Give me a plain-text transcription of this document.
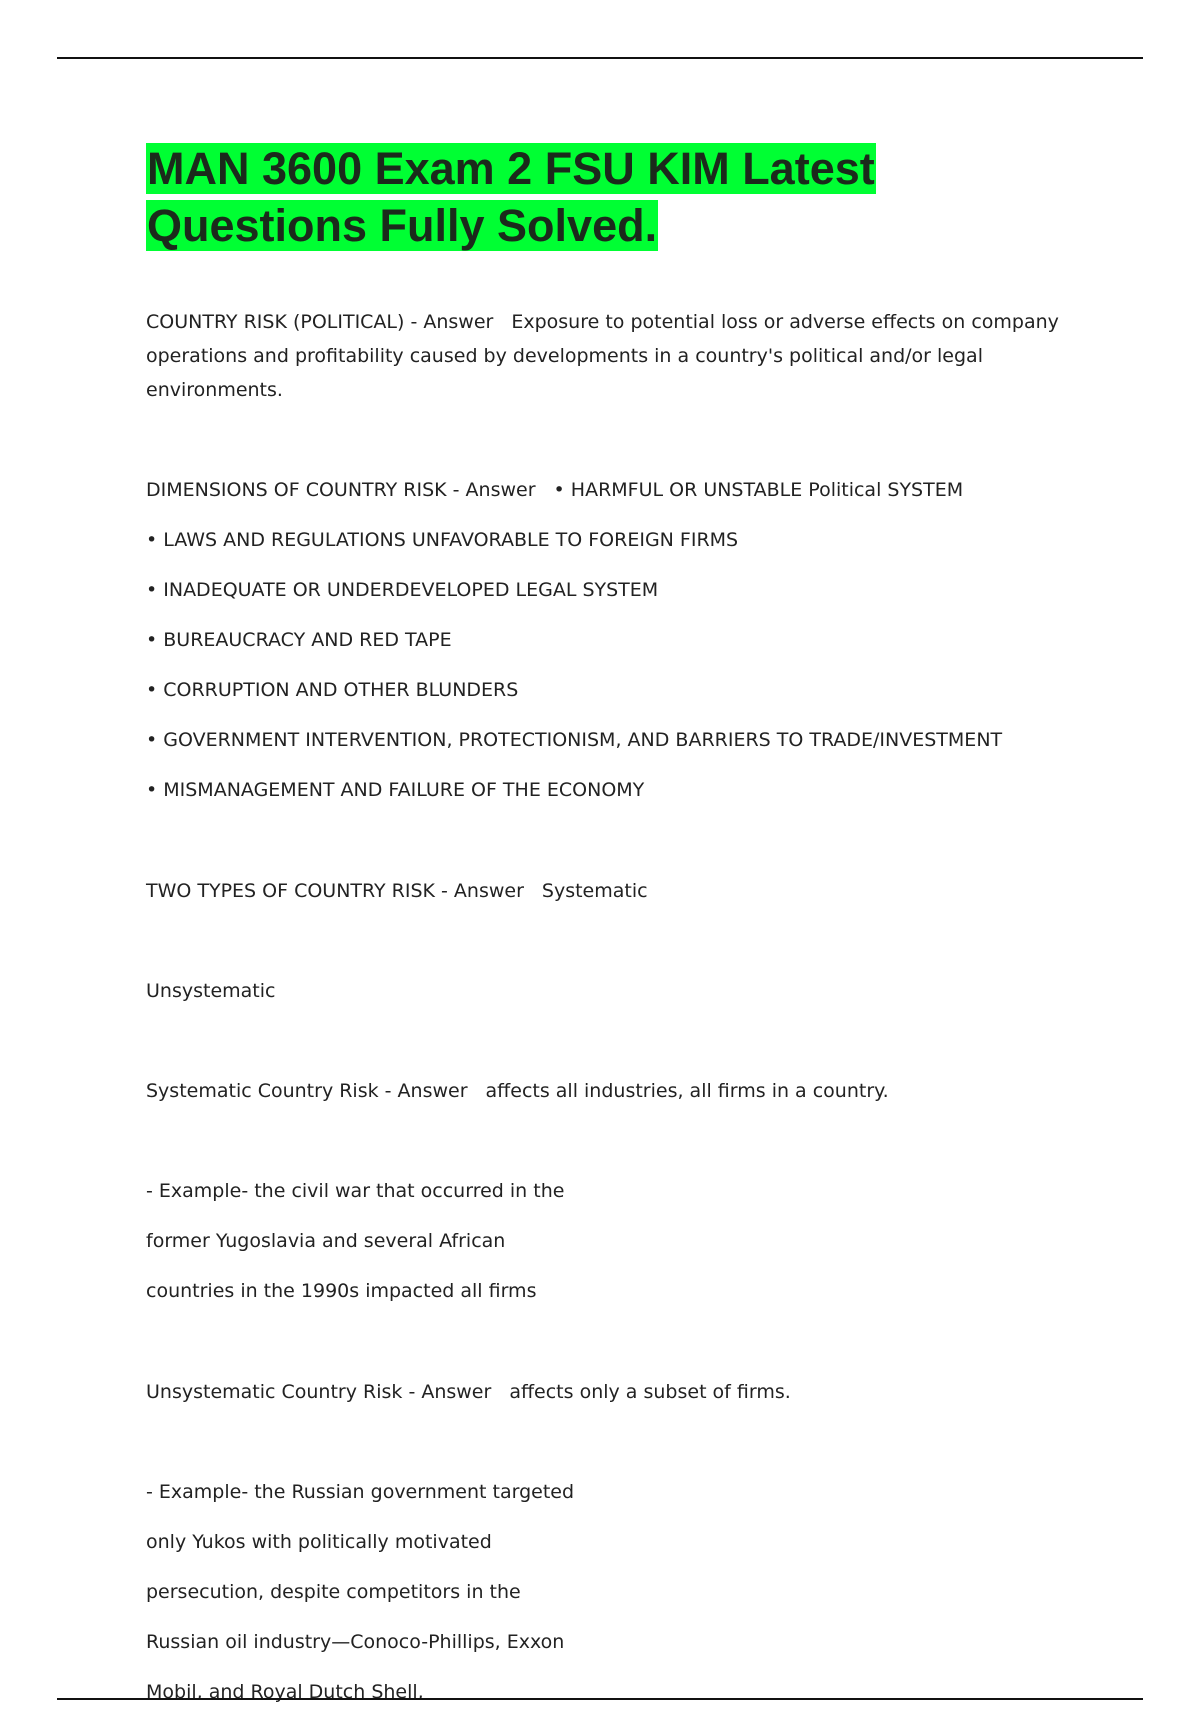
MAN 3600 Exam 2 FSU KIM Latest Questions Fully Solved.

COUNTRY RISK (POLITICAL) - Answer Exposure to potential loss or adverse effects on company operations and profitability caused by developments in a country's political and/or legal environments.

DIMENSIONS OF COUNTRY RISK - Answer • HARMFUL OR UNSTABLE Political SYSTEM
• LAWS AND REGULATIONS UNFAVORABLE TO FOREIGN FIRMS
• INADEQUATE OR UNDERDEVELOPED LEGAL SYSTEM
• BUREAUCRACY AND RED TAPE
• CORRUPTION AND OTHER BLUNDERS
• GOVERNMENT INTERVENTION, PROTECTIONISM, AND BARRIERS TO TRADE/INVESTMENT
• MISMANAGEMENT AND FAILURE OF THE ECONOMY
TWO TYPES OF COUNTRY RISK - Answer Systematic
Unsystematic
Systematic Country Risk - Answer affects all industries, all firms in a country.
- Example- the civil war that occurred in the
former Yugoslavia and several African
countries in the 1990s impacted all firms
Unsystematic Country Risk - Answer affects only a subset of firms.
- Example- the Russian government targeted
only Yukos with politically motivated
persecution, despite competitors in the
Russian oil industry—Conoco-Phillips, Exxon
Mobil, and Royal Dutch Shell,
